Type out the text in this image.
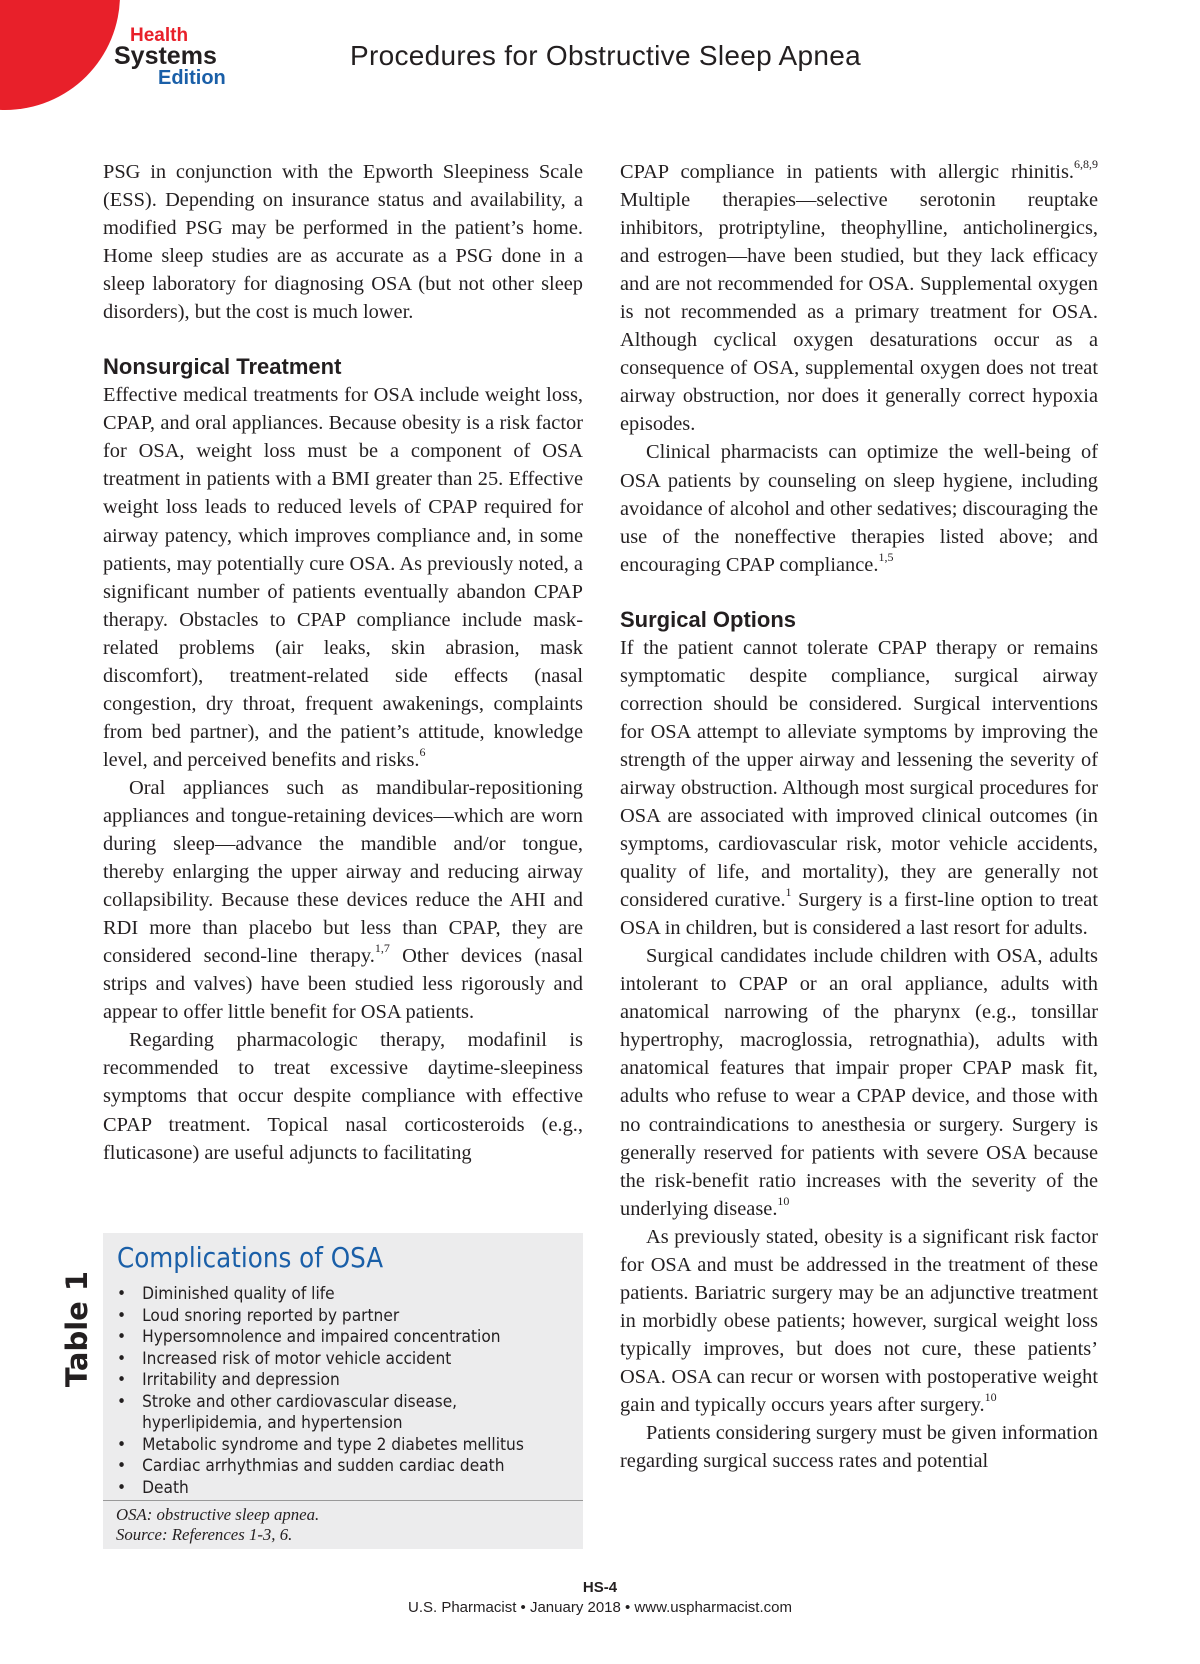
Health
Systems
Edition
Procedures for Obstructive Sleep Apnea

PSG in conjunction with the Epworth Sleepiness Scale (ESS). Depending on insurance status and availability, a modified PSG may be performed in the patient’s home. Home sleep studies are as accurate as a PSG done in a sleep laboratory for diagnosing OSA (but not other sleep disorders), but the cost is much lower.

Nonsurgical Treatment

Effective medical treatments for OSA include weight loss, CPAP, and oral appliances. Because obesity is a risk factor for OSA, weight loss must be a component of OSA treatment in patients with a BMI greater than 25. Effective weight loss leads to reduced levels of CPAP required for airway patency, which improves compliance and, in some patients, may potentially cure OSA. As previously noted, a significant number of patients eventually abandon CPAP therapy. Obstacles to CPAP compliance include mask-related problems (air leaks, skin abrasion, mask discomfort), treatment-related side effects (nasal congestion, dry throat, frequent awakenings, complaints from bed partner), and the patient’s attitude, knowledge level, and perceived benefits and risks.$^6$

Oral appliances such as mandibular-repositioning appliances and tongue-retaining devices—which are worn during sleep—advance the mandible and/or tongue, thereby enlarging the upper airway and reducing airway collapsibility. Because these devices reduce the AHI and RDI more than placebo but less than CPAP, they are considered second-line therapy.$^{1,7}$ Other devices (nasal strips and valves) have been studied less rigorously and appear to offer little benefit for OSA patients.

Regarding pharmacologic therapy, modafinil is recommended to treat excessive daytime-sleepiness symptoms that occur despite compliance with effective CPAP treatment. Topical nasal corticosteroids (e.g., fluticasone) are useful adjuncts to facilitating

CPAP compliance in patients with allergic rhinitis.$^{6,8,9}$ Multiple therapies—selective serotonin reuptake inhibitors, protriptyline, theophylline, anticholinergics, and estrogen—have been studied, but they lack efficacy and are not recommended for OSA. Supplemental oxygen is not recommended as a primary treatment for OSA. Although cyclical oxygen desaturations occur as a consequence of OSA, supplemental oxygen does not treat airway obstruction, nor does it generally correct hypoxia episodes.

Clinical pharmacists can optimize the well-being of OSA patients by counseling on sleep hygiene, including avoidance of alcohol and other sedatives; discouraging the use of the noneffective therapies listed above; and encouraging CPAP compliance.$^{1,5}$

Surgical Options

If the patient cannot tolerate CPAP therapy or remains symptomatic despite compliance, surgical airway correction should be considered. Surgical interventions for OSA attempt to alleviate symptoms by improving the strength of the upper airway and lessening the severity of airway obstruction. Although most surgical procedures for OSA are associated with improved clinical outcomes (in symptoms, cardiovascular risk, motor vehicle accidents, quality of life, and mortality), they are generally not considered curative.$^1$ Surgery is a first-line option to treat OSA in children, but is considered a last resort for adults.

Surgical candidates include children with OSA, adults intolerant to CPAP or an oral appliance, adults with anatomical narrowing of the pharynx (e.g., tonsillar hypertrophy, macroglossia, retrognathia), adults with anatomical features that impair proper CPAP mask fit, adults who refuse to wear a CPAP device, and those with no contraindications to anesthesia or surgery. Surgery is generally reserved for patients with severe OSA because the risk-benefit ratio increases with the severity of the underlying disease.$^{10}$

As previously stated, obesity is a significant risk factor for OSA and must be addressed in the treatment of these patients. Bariatric surgery may be an adjunctive treatment in morbidly obese patients; however, surgical weight loss typically improves, but does not cure, these patients’ OSA. OSA can recur or worsen with postoperative weight gain and typically occurs years after surgery.$^{10}$

Patients considering surgery must be given information regarding surgical success rates and potential

Table 1
Complications of OSA
• Diminished quality of life
• Loud snoring reported by partner
• Hypersomnolence and impaired concentration
• Increased risk of motor vehicle accident
• Irritability and depression
• Stroke and other cardiovascular disease, hyperlipidemia, and hypertension
• Metabolic syndrome and type 2 diabetes mellitus
• Cardiac arrhythmias and sudden cardiac death
• Death
OSA: obstructive sleep apnea.
Source: References 1-3, 6.
HS-4
U.S. Pharmacist • January 2018 • www.uspharmacist.com
